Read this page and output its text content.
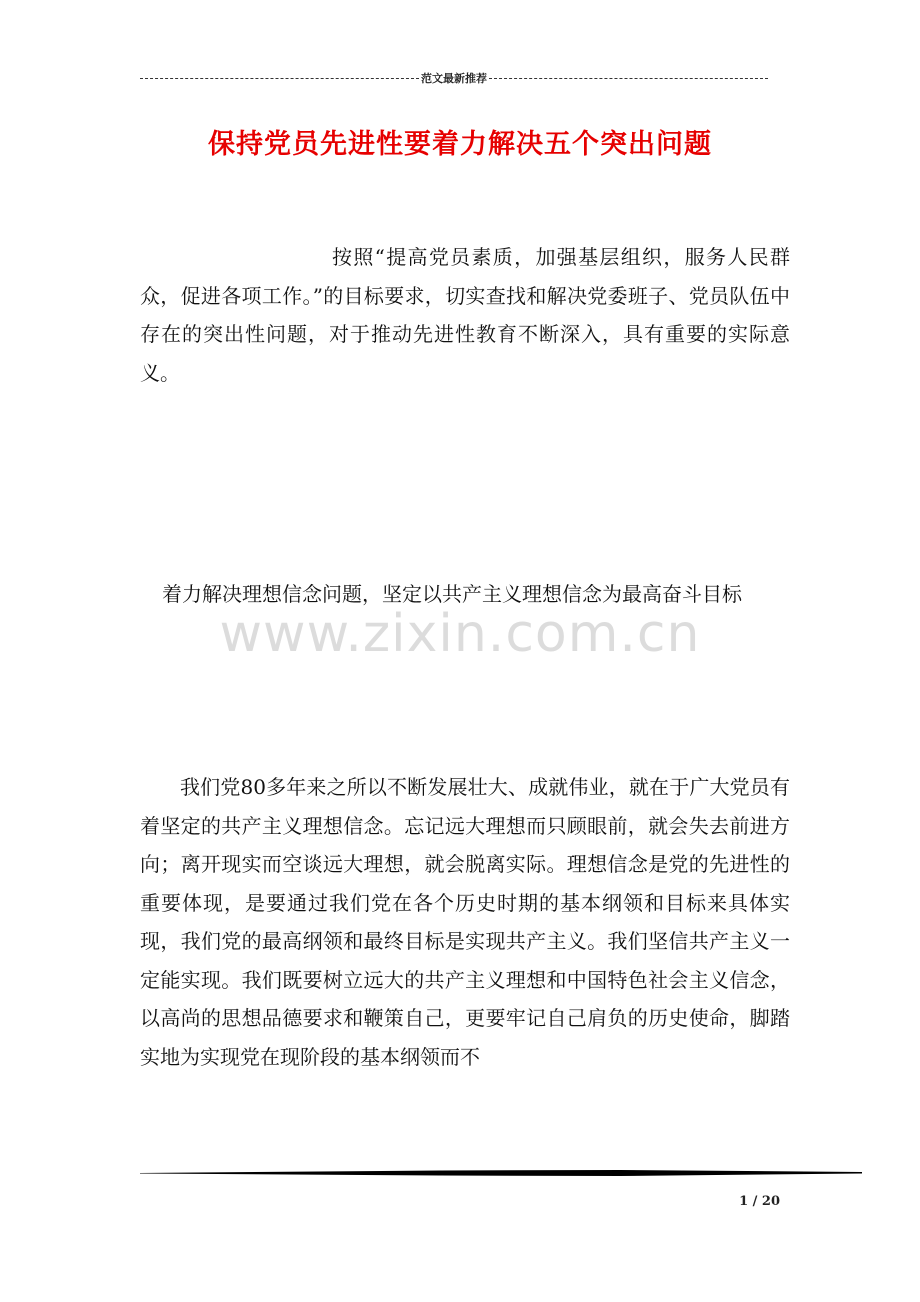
范文最新推荐
保持党员先进性要着力解决五个突出问题

按照“提高党员素质，加强基层组织，服务人民群众，促进各项工作。”的目标要求，切实查找和解决党委班子、党员队伍中存在的突出性问题，对于推动先进性教育不断深入，具有重要的实际意义。

着力解决理想信念问题，坚定以共产主义理想信念为最高奋斗目标

www.zixin.com.cn

我们党80多年来之所以不断发展壮大、成就伟业，就在于广大党员有着坚定的共产主义理想信念。忘记远大理想而只顾眼前，就会失去前进方向；离开现实而空谈远大理想，就会脱离实际。理想信念是党的先进性的重要体现，是要通过我们党在各个历史时期的基本纲领和目标来具体实现，我们党的最高纲领和最终目标是实现共产主义。我们坚信共产主义一定能实现。我们既要树立远大的共产主义理想和中国特色社会主义信念，以高尚的思想品德要求和鞭策自己，更要牢记自己肩负的历史使命，脚踏实地为实现党在现阶段的基本纲领而不

1 / 20
